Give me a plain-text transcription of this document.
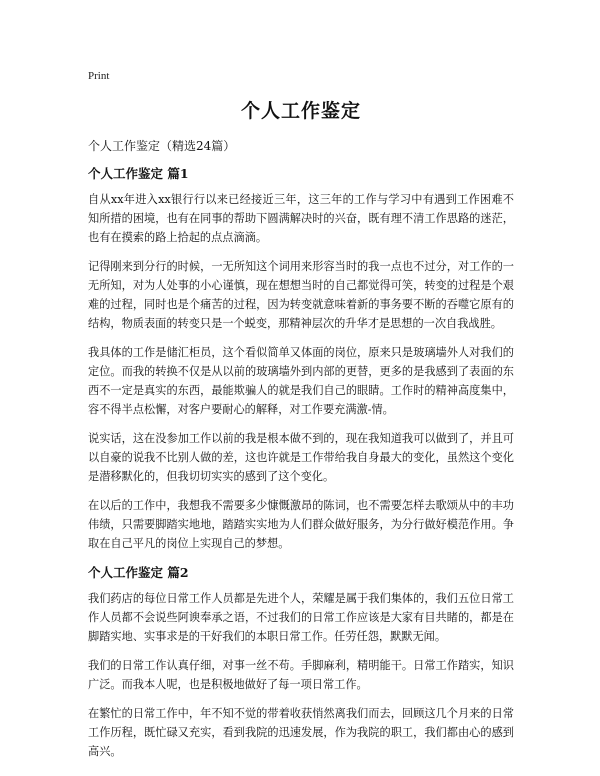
Print
个人工作鉴定
个人工作鉴定（精选24篇）
个人工作鉴定 篇1

自从xx年进入xx银行行以来已经接近三年，这三年的工作与学习中有遇到工作困难不知所措的困境，也有在同事的帮助下圆满解决时的兴奋，既有理不清工作思路的迷茫，也有在摸索的路上拾起的点点滴滴。

记得刚来到分行的时候，一无所知这个词用来形容当时的我一点也不过分，对工作的一无所知，对为人处事的小心谨慎，现在想想当时的自己都觉得可笑，转变的过程是个艰难的过程，同时也是个痛苦的过程，因为转变就意味着新的事务要不断的吞噬它原有的结构，物质表面的转变只是一个蜕变，那精神层次的升华才是思想的一次自我战胜。

我具体的工作是储汇柜员，这个看似简单又体面的岗位，原来只是玻璃墙外人对我们的定位。而我的转换不仅是从以前的玻璃墙外到内部的更替，更多的是我感到了表面的东西不一定是真实的东西，最能欺骗人的就是我们自己的眼睛。工作时的精神高度集中，容不得半点松懈，对客户要耐心的解释，对工作要充满激-情。

说实话，这在没参加工作以前的我是根本做不到的，现在我知道我可以做到了，并且可以自豪的说我不比别人做的差，这也许就是工作带给我自身最大的变化，虽然这个变化是潜移默化的，但我切切实实的感到了这个变化。

在以后的工作中，我想我不需要多少慷慨激昂的陈词，也不需要怎样去歌颂从中的丰功伟绩，只需要脚踏实地地，踏踏实实地为人们群众做好服务，为分行做好模范作用。争取在自己平凡的岗位上实现自己的梦想。

个人工作鉴定 篇2

我们药店的每位日常工作人员都是先进个人，荣耀是属于我们集体的，我们五位日常工作人员都不会说些阿谀奉承之语，不过我们的日常工作应该是大家有目共睹的，都是在脚踏实地、实事求是的干好我们的本职日常工作。任劳任怨，默默无闻。

我们的日常工作认真仔细，对事一丝不苟。手脚麻利，精明能干。日常工作踏实，知识广泛。而我本人呢，也是积极地做好了每一项日常工作。

在繁忙的日常工作中，年不知不觉的带着收获悄然离我们而去，回顾这几个月来的日常工作历程，既忙碌又充实，看到我院的迅速发展，作为我院的职工，我们都由心的感到高兴。
